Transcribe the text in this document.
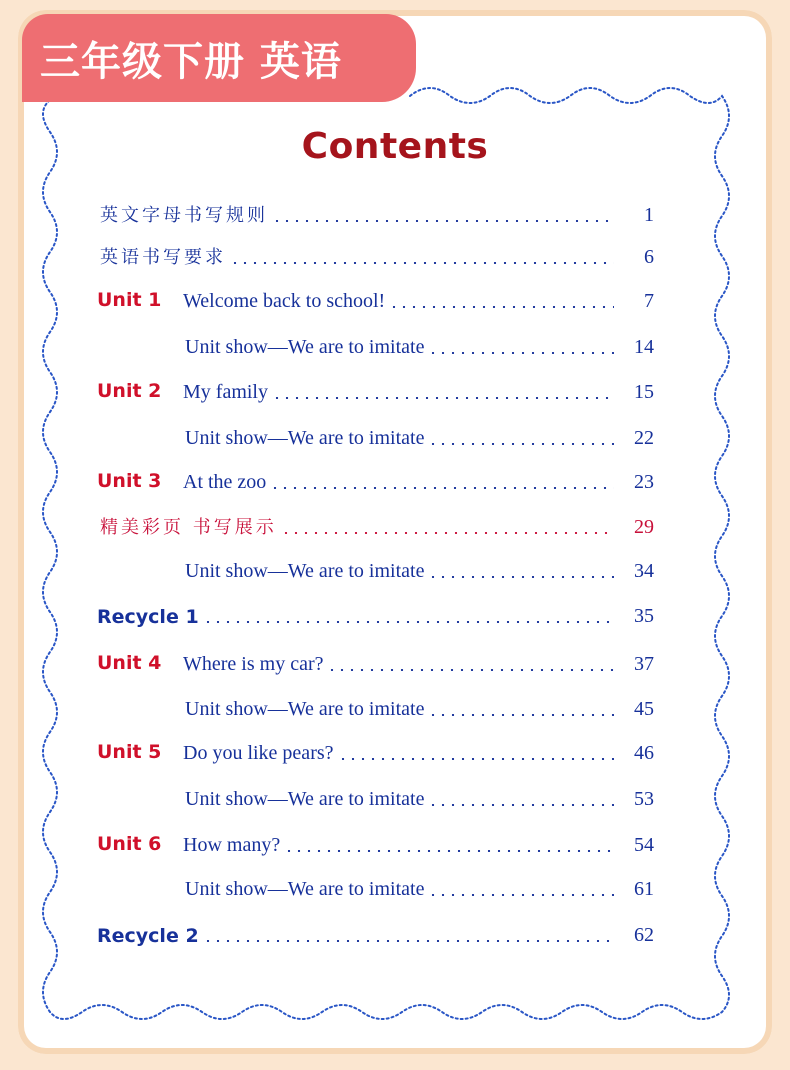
三年级下册 英语
Contents
英文字母书写规则	1
英语书写要求	6
Unit 1 Welcome back to school!	7
Unit show—We are to imitate	14
Unit 2 My family	15
Unit show—We are to imitate	22
Unit 3 At the zoo	23
精美彩页 书写展示	29
Unit show—We are to imitate	34
Recycle 1	35
Unit 4 Where is my car?	37
Unit show—We are to imitate	45
Unit 5 Do you like pears?	46
Unit show—We are to imitate	53
Unit 6 How many?	54
Unit show—We are to imitate	61
Recycle 2	62
